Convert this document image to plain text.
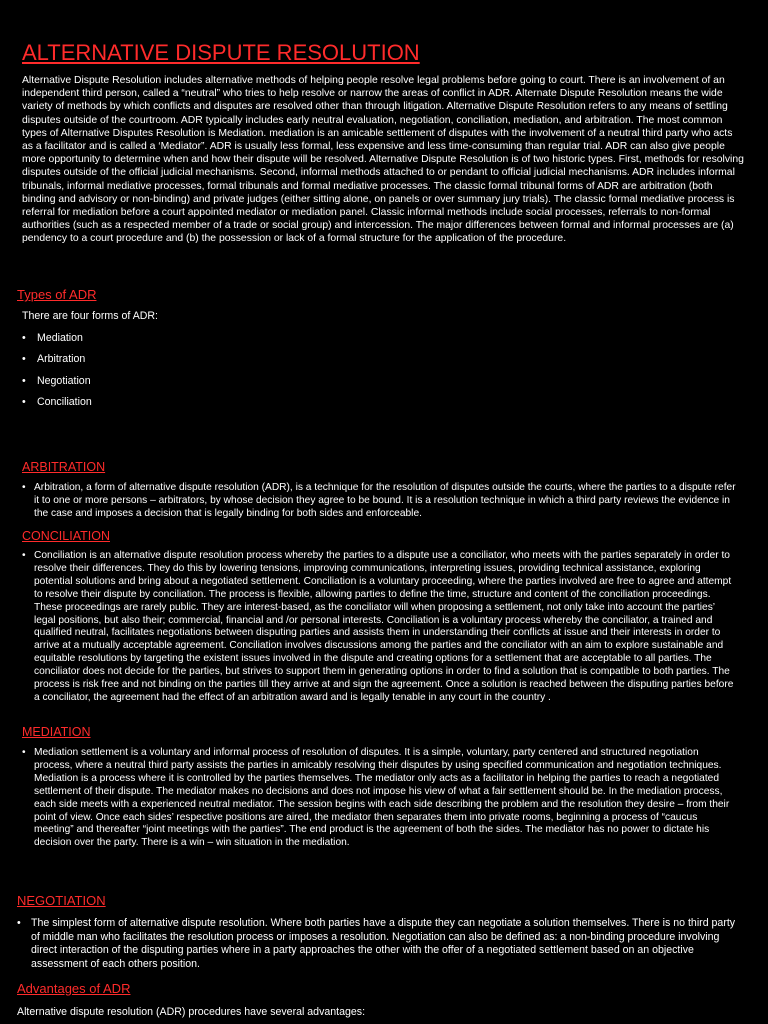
ALTERNATIVE DISPUTE RESOLUTION

Alternative Dispute Resolution includes alternative methods of helping people resolve legal problems before going to court. There is an involvement of an independent third person, called a “neutral” who tries to help resolve or narrow the areas of conflict in ADR. Alternate Dispute Resolution means the wide variety of methods by which conflicts and disputes are resolved other than through litigation. Alternative Dispute Resolution refers to any means of settling disputes outside of the courtroom. ADR typically includes early neutral evaluation, negotiation, conciliation, mediation, and arbitration. The most common types of Alternative Disputes Resolution is Mediation. mediation is an amicable settlement of disputes with the involvement of a neutral third party who acts as a facilitator and is called a ‘Mediator”. ADR is usually less formal, less expensive and less time-consuming than regular trial. ADR can also give people more opportunity to determine when and how their dispute will be resolved. Alternative Dispute Resolution is of two historic types. First, methods for resolving disputes outside of the official judicial mechanisms. Second, informal methods attached to or pendant to official judicial mechanisms. ADR includes informal tribunals, informal mediative processes, formal tribunals and formal mediative processes. The classic formal tribunal forms of ADR are arbitration (both binding and advisory or non-binding) and private judges (either sitting alone, on panels or over summary jury trials). The classic formal mediative process is referral for mediation before a court appointed mediator or mediation panel. Classic informal methods include social processes, referrals to non-formal authorities (such as a respected member of a trade or social group) and intercession. The major differences between formal and informal processes are (a) pendency to a court procedure and (b) the possession or lack of a formal structure for the application of the procedure.

Types of ADR

There are four forms of ADR:

• Mediation
• Arbitration
• Negotiation
• Conciliation
ARBITRATION

• Arbitration, a form of alternative dispute resolution (ADR), is a technique for the resolution of disputes outside the courts, where the parties to a dispute refer it to one or more persons – arbitrators, by whose decision they agree to be bound. It is a resolution technique in which a third party reviews the evidence in the case and imposes a decision that is legally binding for both sides and enforceable.

CONCILIATION

• Conciliation is an alternative dispute resolution process whereby the parties to a dispute use a conciliator, who meets with the parties separately in order to resolve their differences. They do this by lowering tensions, improving communications, interpreting issues, providing technical assistance, exploring potential solutions and bring about a negotiated settlement. Conciliation is a voluntary proceeding, where the parties involved are free to agree and attempt to resolve their dispute by conciliation. The process is flexible, allowing parties to define the time, structure and content of the conciliation proceedings. These proceedings are rarely public. They are interest-based, as the conciliator will when proposing a settlement, not only take into account the parties’ legal positions, but also their; commercial, financial and /or personal interests. Conciliation is a voluntary process whereby the conciliator, a trained and qualified neutral, facilitates negotiations between disputing parties and assists them in understanding their conflicts at issue and their interests in order to arrive at a mutually acceptable agreement. Conciliation involves discussions among the parties and the conciliator with an aim to explore sustainable and equitable resolutions by targeting the existent issues involved in the dispute and creating options for a settlement that are acceptable to all parties. The conciliator does not decide for the parties, but strives to support them in generating options in order to find a solution that is compatible to both parties. The process is risk free and not binding on the parties till they arrive at and sign the agreement. Once a solution is reached between the disputing parties before a conciliator, the agreement had the effect of an arbitration award and is legally tenable in any court in the country .

MEDIATION

• Mediation settlement is a voluntary and informal process of resolution of disputes. It is a simple, voluntary, party centered and structured negotiation process, where a neutral third party assists the parties in amicably resolving their disputes by using specified communication and negotiation techniques. Mediation is a process where it is controlled by the parties themselves. The mediator only acts as a facilitator in helping the parties to reach a negotiated settlement of their dispute. The mediator makes no decisions and does not impose his view of what a fair settlement should be. In the mediation process, each side meets with a experienced neutral mediator. The session begins with each side describing the problem and the resolution they desire – from their point of view. Once each sides’ respective positions are aired, the mediator then separates them into private rooms, beginning a process of “caucus meeting” and thereafter “joint meetings with the parties”. The end product is the agreement of both the sides. The mediator has no power to dictate his decision over the party. There is a win – win situation in the mediation.

NEGOTIATION

• The simplest form of alternative dispute resolution. Where both parties have a dispute they can negotiate a solution themselves. There is no third party of middle man who facilitates the resolution process or imposes a resolution. Negotiation can also be defined as: a non-binding procedure involving direct interaction of the disputing parties where in a party approaches the other with the offer of a negotiated settlement based on an objective assessment of each others position.

Advantages of ADR

Alternative dispute resolution (ADR) procedures have several advantages:
